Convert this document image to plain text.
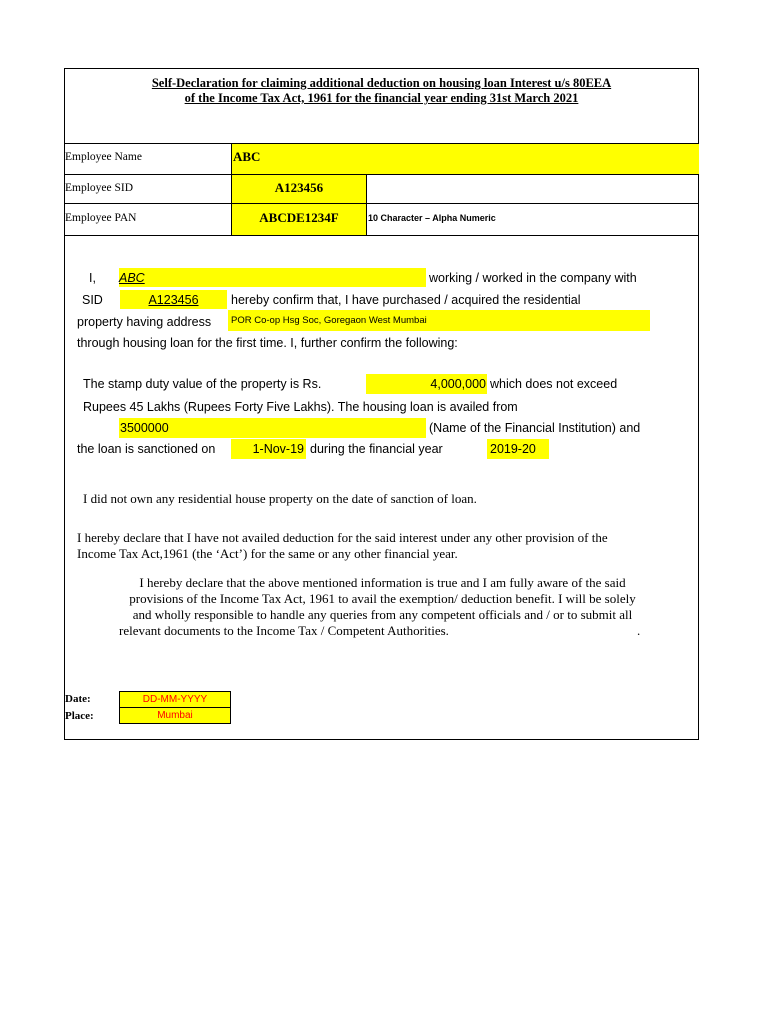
Self-Declaration for claiming additional deduction on housing loan Interest u/s 80EEA
of the Income Tax Act, 1961 for the financial year ending 31st March 2021
Employee Name	ABC
Employee SID	A123456
Employee PAN	ABCDE1234F	10 Character – Alpha Numeric
I, ABC	working / worked in the company with
SID	A123456	hereby confirm that, I have purchased / acquired the residential
property having address	POR Co-op Hsg Soc, Goregaon West Mumbai
through housing loan for the first time. I, further confirm the following:
The stamp duty value of the property is Rs.	4,000,000 which does not exceed
Rupees 45 Lakhs (Rupees Forty Five Lakhs). The housing loan is availed from
3500000	(Name of the Financial Institution) and
the loan is sanctioned on	1-Nov-19 during the financial year	2019-20
I did not own any residential house property on the date of sanction of loan.
I hereby declare that I have not availed deduction for the said interest under any other provision of the
Income Tax Act,1961 (the ‘Act’) for the same or any other financial year.
I hereby declare that the above mentioned information is true and I am fully aware of the said
provisions of the Income Tax Act, 1961 to avail the exemption/ deduction benefit. I will be solely
and wholly responsible to handle any queries from any competent officials and / or to submit all
relevant documents to the Income Tax / Competent Authorities.	.
Date:	DD-MM-YYYY
Place:	Mumbai
